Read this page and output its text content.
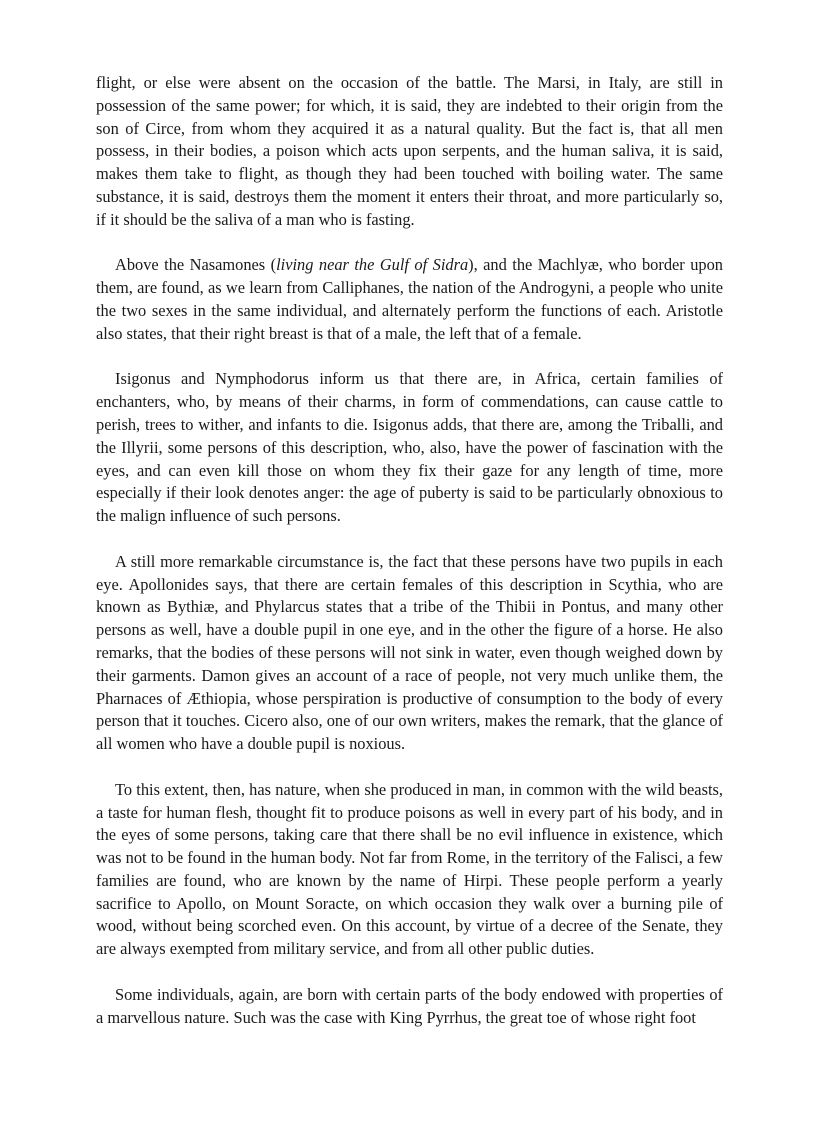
flight, or else were absent on the occasion of the battle. The Marsi, in Italy, are still in possession of the same power; for which, it is said, they are indebted to their origin from the son of Circe, from whom they acquired it as a natural quality. But the fact is, that all men possess, in their bodies, a poison which acts upon serpents, and the human saliva, it is said, makes them take to flight, as though they had been touched with boiling water. The same substance, it is said, destroys them the moment it enters their throat, and more particularly so, if it should be the saliva of a man who is fasting.

Above the Nasamones (living near the Gulf of Sidra), and the Machlyæ, who border upon them, are found, as we learn from Calliphanes, the nation of the Androgyni, a people who unite the two sexes in the same individual, and alternately perform the functions of each. Aristotle also states, that their right breast is that of a male, the left that of a female.

Isigonus and Nymphodorus inform us that there are, in Africa, certain families of enchanters, who, by means of their charms, in form of commendations, can cause cattle to perish, trees to wither, and infants to die. Isigonus adds, that there are, among the Triballi, and the Illyrii, some persons of this description, who, also, have the power of fascination with the eyes, and can even kill those on whom they fix their gaze for any length of time, more especially if their look denotes anger: the age of puberty is said to be particularly obnoxious to the malign influence of such persons.

A still more remarkable circumstance is, the fact that these persons have two pupils in each eye. Apollonides says, that there are certain females of this description in Scythia, who are known as Bythiæ, and Phylarcus states that a tribe of the Thibii in Pontus, and many other persons as well, have a double pupil in one eye, and in the other the figure of a horse. He also remarks, that the bodies of these persons will not sink in water, even though weighed down by their garments. Damon gives an account of a race of people, not very much unlike them, the Pharnaces of Æthiopia, whose perspiration is productive of consumption to the body of every person that it touches. Cicero also, one of our own writers, makes the remark, that the glance of all women who have a double pupil is noxious.

To this extent, then, has nature, when she produced in man, in common with the wild beasts, a taste for human flesh, thought fit to produce poisons as well in every part of his body, and in the eyes of some persons, taking care that there shall be no evil influence in existence, which was not to be found in the human body. Not far from Rome, in the territory of the Falisci, a few families are found, who are known by the name of Hirpi. These people perform a yearly sacrifice to Apollo, on Mount Soracte, on which occasion they walk over a burning pile of wood, without being scorched even. On this account, by virtue of a decree of the Senate, they are always exempted from military service, and from all other public duties.

Some individuals, again, are born with certain parts of the body endowed with properties of a marvellous nature. Such was the case with King Pyrrhus, the great toe of whose right foot
